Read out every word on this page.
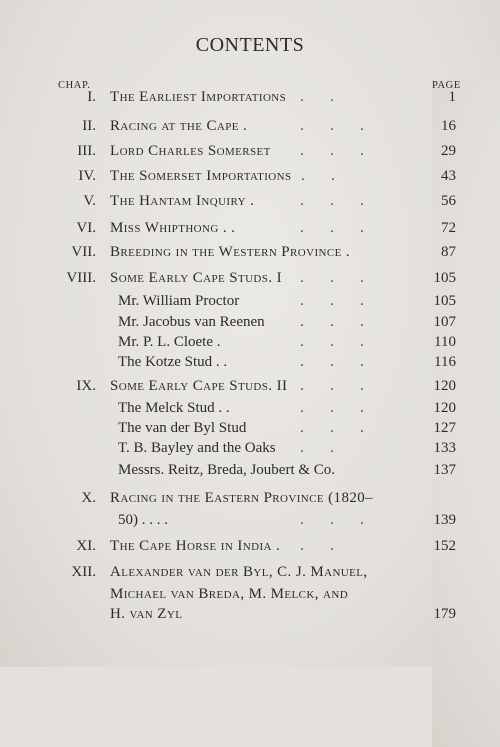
CONTENTS
CHAP.	PAGE
I. The Earliest Importations .       .	1
II. Racing at the Cape .	.       .       .	16
III. Lord Charles Somerset .       .       .	29
IV. The Somerset Importations .       .	43
V. The Hantam Inquiry .	.       .       .	56
VI. Miss Whipthong . .	.       .       .	72
VII. Breeding in the Western Province .	87
VIII. Some Early Cape Studs. I .       .       .	105
Mr. William Proctor	.       .       .	105
Mr. Jacobus van Reenen .       .       .	107
Mr. P. L. Cloete .	.       .       .	110
The Kotze Stud . .	.       .       .	116
IX. Some Early Cape Studs. II .       .       .	120
The Melck Stud . .	.       .       .	120
The van der Byl Stud	.       .       .	127
T. B. Bayley and the Oaks .       .	133
Messrs. Reitz, Breda, Joubert & Co.	137
X. Racing in the Eastern Province (1820–
50) . . . .	.       .       .	139
XI. The Cape Horse in India . .       .	152
XII. Alexander van der Byl, C. J. Manuel,
Michael van Breda, M. Melck, and
H. van Zyl	179
